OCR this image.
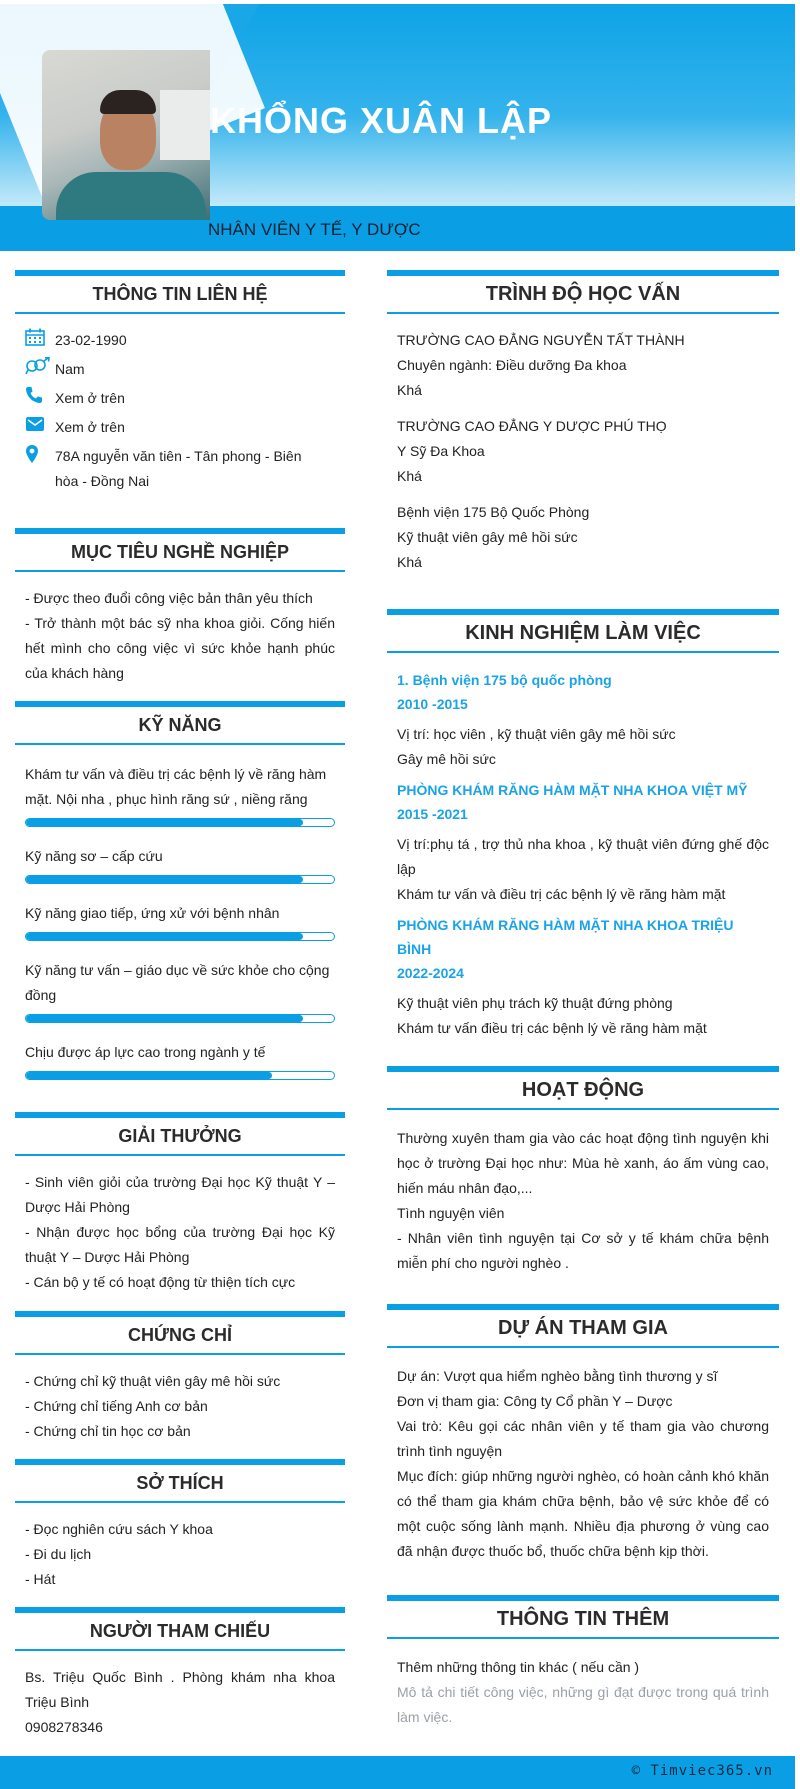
KHỔNG XUÂN LẬP
NHÂN VIÊN Y TẾ, Y DƯỢC
THÔNG TIN LIÊN HỆ
23-02-1990
Nam
Xem ở trên
Xem ở trên
78A nguyễn văn tiên - Tân phong - Biên hòa - Đồng Nai
MỤC TIÊU NGHỀ NGHIỆP
- Được theo đuổi công việc bản thân yêu thích
- Trở thành một bác sỹ nha khoa giỏi. Cống hiến hết mình cho công việc vì sức khỏe hạnh phúc của khách hàng
KỸ NĂNG
Khám tư vấn và điều trị các bệnh lý về răng hàm mặt. Nội nha , phục hình răng sứ , niềng răng
Kỹ năng sơ – cấp cứu
Kỹ năng giao tiếp, ứng xử với bệnh nhân
Kỹ năng tư vấn – giáo dục về sức khỏe cho cộng đồng
Chịu được áp lực cao trong ngành y tế
GIẢI THƯỞNG
- Sinh viên giỏi của trường Đại học Kỹ thuật Y – Dược Hải Phòng
- Nhận được học bổng của trường Đại học Kỹ thuật Y – Dược Hải Phòng
- Cán bộ y tế có hoạt động từ thiện tích cực
CHỨNG CHỈ
- Chứng chỉ kỹ thuật viên gây mê hồi sức
- Chứng chỉ tiếng Anh cơ bản
- Chứng chỉ tin học cơ bản
SỞ THÍCH
- Đọc nghiên cứu sách Y khoa
- Đi du lịch
- Hát
NGƯỜI THAM CHIẾU
Bs. Triệu Quốc Bình . Phòng khám nha khoa Triệu Bình
0908278346
TRÌNH ĐỘ HỌC VẤN
TRƯỜNG CAO ĐẲNG NGUYỄN TẤT THÀNH
Chuyên ngành: Điều dưỡng Đa khoa
Khá
TRƯỜNG CAO ĐẲNG Y DƯỢC PHÚ THỌ
Y Sỹ Đa Khoa
Khá
Bệnh viện 175 Bộ Quốc Phòng
Kỹ thuật viên gây mê hồi sức
Khá
KINH NGHIỆM LÀM VIỆC
1. Bệnh viện 175 bộ quốc phòng
2010 -2015
Vị trí: học viên , kỹ thuật viên gây mê hồi sức
Gây mê hồi sức
PHÒNG KHÁM RĂNG HÀM MẶT NHA KHOA VIỆT MỸ
2015 -2021
Vị trí:phụ tá , trợ thủ nha khoa , kỹ thuật viên đứng ghế độc lập
Khám tư vấn và điều trị các bệnh lý về răng hàm mặt
PHÒNG KHÁM RĂNG HÀM MẶT NHA KHOA TRIỆU BÌNH
2022-2024
Kỹ thuật viên phụ trách kỹ thuật đứng phòng
Khám tư vấn điều trị các bệnh lý về răng hàm mặt
HOẠT ĐỘNG
Thường xuyên tham gia vào các hoạt động tình nguyện khi học ở trường Đại học như: Mùa hè xanh, áo ấm vùng cao, hiến máu nhân đạo,...
Tình nguyện viên
- Nhân viên tình nguyện tại Cơ sở y tế khám chữa bệnh miễn phí cho người nghèo .
DỰ ÁN THAM GIA
Dự án: Vượt qua hiểm nghèo bằng tình thương y sĩ
Đơn vị tham gia: Công ty Cổ phần Y – Dược
Vai trò: Kêu gọi các nhân viên y tế tham gia vào chương trình tình nguyện
Mục đích: giúp những người nghèo, có hoàn cảnh khó khăn có thể tham gia khám chữa bệnh, bảo vệ sức khỏe để có một cuộc sống lành mạnh. Nhiều địa phương ở vùng cao đã nhận được thuốc bổ, thuốc chữa bệnh kịp thời.
THÔNG TIN THÊM
Thêm những thông tin khác ( nếu cần )
Mô tả chi tiết công việc, những gì đạt được trong quá trình làm việc.
© Timviec365.vn
